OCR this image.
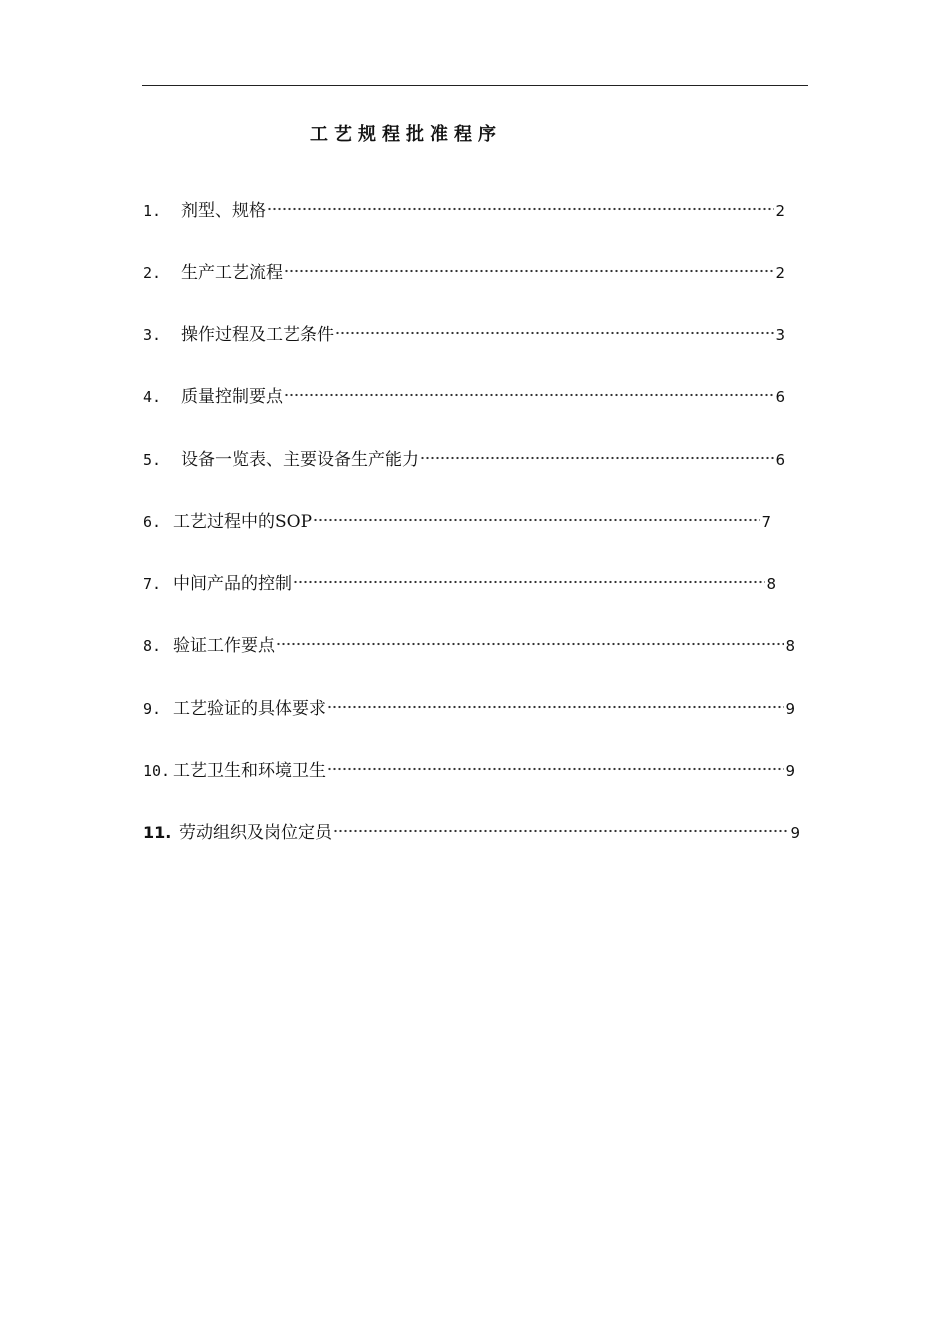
工艺规程批准程序
1.	剂型、规格	2
2.	生产工艺流程	2
3.	操作过程及工艺条件	3
4.	质量控制要点	6
5.	设备一览表、主要设备生产能力	6
6. 工艺过程中的SOP	7
7. 中间产品的控制	8
8. 验证工作要点	8
9. 工艺验证的具体要求	9
10. 工艺卫生和环境卫生	9
11. 劳动组织及岗位定员	9
